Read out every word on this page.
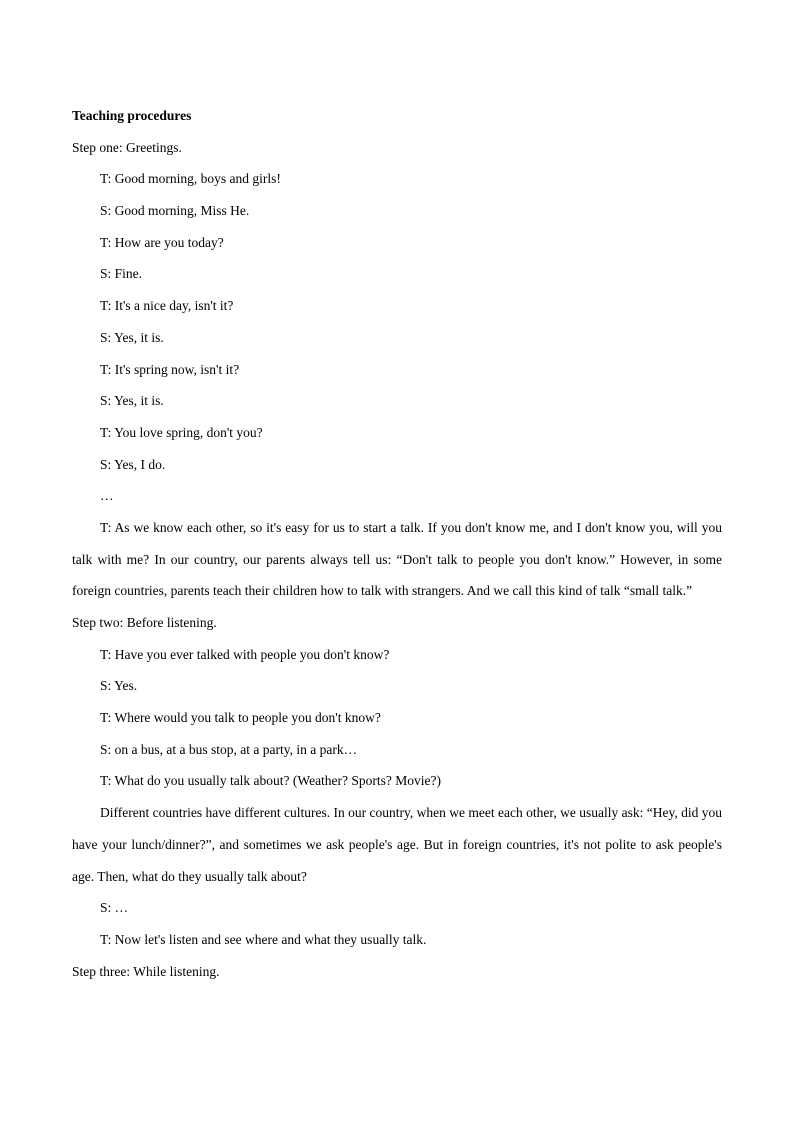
Teaching procedures
Step one: Greetings.
T: Good morning, boys and girls!
S: Good morning, Miss He.
T: How are you today?
S: Fine.
T: It's a nice day, isn't it?
S: Yes, it is.
T: It's spring now, isn't it?
S: Yes, it is.
T: You love spring, don't you?
S: Yes, I do.
…
T: As we know each other, so it's easy for us to start a talk. If you don't know me, and I don't know you, will you talk with me? In our country, our parents always tell us: “Don't talk to people you don't know.” However, in some foreign countries, parents teach their children how to talk with strangers. And we call this kind of talk “small talk.”
Step two: Before listening.
T: Have you ever talked with people you don't know?
S: Yes.
T: Where would you talk to people you don't know?
S: on a bus, at a bus stop, at a party, in a park…
T: What do you usually talk about? (Weather? Sports? Movie?)
Different countries have different cultures. In our country, when we meet each other, we usually ask: “Hey, did you have your lunch/dinner?”, and sometimes we ask people's age. But in foreign countries, it's not polite to ask people's age. Then, what do they usually talk about?
S: …
T: Now let's listen and see where and what they usually talk.
Step three: While listening.
